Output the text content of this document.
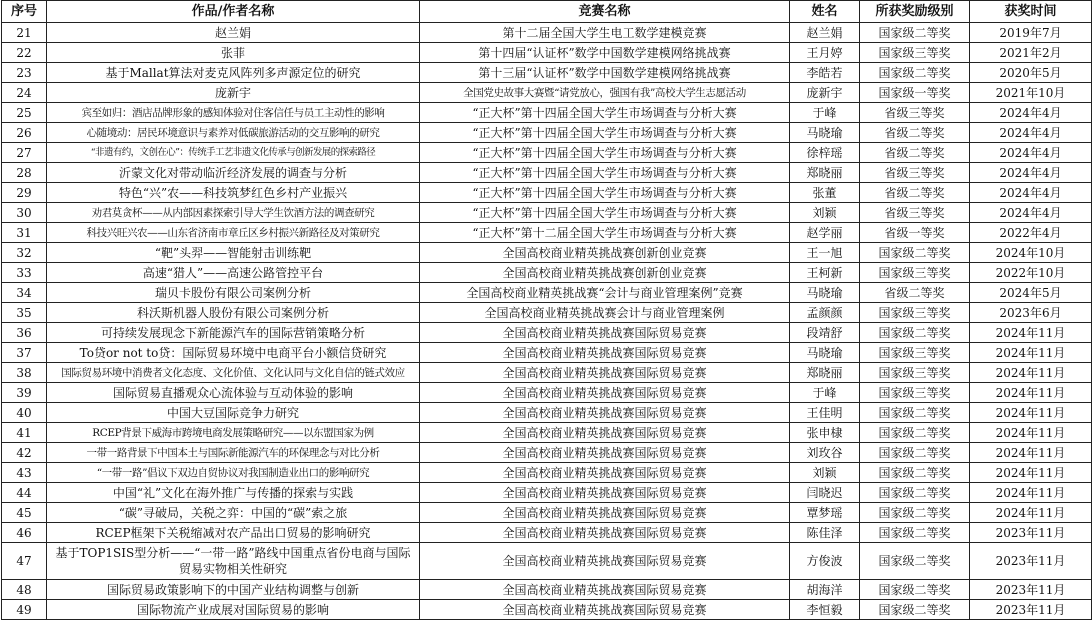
序号	作品/作者名称	竞赛名称	姓名	所获奖励级别	获奖时间
21	赵兰娟	第十二届全国大学生电工数学建模竞赛	赵兰娟	国家级二等奖	2019年7月
22	张菲	第十四届“认证杯”数学中国数学建模网络挑战赛	王月婷	国家级三等奖	2021年2月
23	基于Mallat算法对麦克风阵列多声源定位的研究	第十三届“认证杯”数学中国数学建模网络挑战赛	李皓若	国家级二等奖	2020年5月
24	庞新宇	全国党史故事大赛暨“请党放心，强国有我”高校大学生志愿活动	庞新宇	国家级一等奖	2021年10月
25	宾至如归：酒店品牌形象的感知体验对住客信任与员工主动性的影响	“正大杯”第十四届全国大学生市场调查与分析大赛	于峰	省级三等奖	2024年4月
26	心随境动：居民环境意识与素养对低碳旅游活动的交互影响的研究	“正大杯”第十四届全国大学生市场调查与分析大赛	马晓瑜	省级二等奖	2024年4月
27	“非遗有约，文创在心”：传统手工艺非遗文化传承与创新发展的探索路径	“正大杯”第十四届全国大学生市场调查与分析大赛	徐梓瑶	省级二等奖	2024年4月
28	沂蒙文化对带动临沂经济发展的调查与分析	“正大杯”第十四届全国大学生市场调查与分析大赛	郑晓丽	省级三等奖	2024年4月
29	特色“兴”农——科技筑梦红色乡村产业振兴	“正大杯”第十四届全国大学生市场调查与分析大赛	张董	省级二等奖	2024年4月
30	劝君莫贪杯——从内部因素探索引导大学生饮酒方法的调查研究	“正大杯”第十四届全国大学生市场调查与分析大赛	刘颖	省级三等奖	2024年4月
31	科技兴旺兴农——山东省济南市章丘区乡村振兴新路径及对策研究	“正大杯”第十二届全国大学生市场调查与分析大赛	赵学丽	省级一等奖	2022年4月
32	“靶”头羿——智能射击训练靶	全国高校商业精英挑战赛创新创业竞赛	王一旭	国家级二等奖	2024年10月
33	高速“猎人”——高速公路管控平台	全国高校商业精英挑战赛创新创业竞赛	王柯新	国家级三等奖	2022年10月
34	瑞贝卡股份有限公司案例分析	全国高校商业精英挑战赛“会计与商业管理案例”竞赛	马晓瑜	省级二等奖	2024年5月
35	科沃斯机器人股份有限公司案例分析	全国高校商业精英挑战赛会计与商业管理案例	孟颜颜	国家级三等奖	2023年6月
36	可持续发展现念下新能源汽车的国际营销策略分析	全国高校商业精英挑战赛国际贸易竞赛	段靖舒	国家级二等奖	2024年11月
37	To贷or not to贷：国际贸易环境中电商平台小额信贷研究	全国高校商业精英挑战赛国际贸易竞赛	马晓瑜	国家级三等奖	2024年11月
38	国际贸易环境中消费者文化态度、文化价值、文化认同与文化自信的链式效应	全国高校商业精英挑战赛国际贸易竞赛	郑晓丽	国家级三等奖	2024年11月
39	国际贸易直播观众心流体验与互动体验的影响	全国高校商业精英挑战赛国际贸易竞赛	于峰	国家级三等奖	2024年11月
40	中国大豆国际竞争力研究	全国高校商业精英挑战赛国际贸易竞赛	王佳明	国家级二等奖	2024年11月
41	RCEP背景下威海市跨境电商发展策略研究——以东盟国家为例	全国高校商业精英挑战赛国际贸易竞赛	张申棣	国家级二等奖	2024年11月
42	一带一路背景下中国本土与国际新能源汽车的环保理念与对比分析	全国高校商业精英挑战赛国际贸易竞赛	刘玫谷	国家级二等奖	2024年11月
43	“一带一路”倡议下双边自贸协议对我国制造业出口的影响研究	全国高校商业精英挑战赛国际贸易竞赛	刘颖	国家级二等奖	2024年11月
44	中国“礼”文化在海外推广与传播的探索与实践	全国高校商业精英挑战赛国际贸易竞赛	闫晓迟	国家级二等奖	2024年11月
45	“碳”寻破局，关税之弈：中国的“碳”索之旅	全国高校商业精英挑战赛国际贸易竞赛	覃梦瑶	国家级二等奖	2024年11月
46	RCEP框架下关税缩减对农产品出口贸易的影响研究	全国高校商业精英挑战赛国际贸易竞赛	陈佳泽	国家级二等奖	2023年11月
47	基于TOP1SIS型分析——“一带一路”路线中国重点省份电商与国际贸易实物相关性研究	全国高校商业精英挑战赛国际贸易竞赛	方俊波	国家级二等奖	2023年11月
48	国际贸易政策影响下的中国产业结构调整与创新	全国高校商业精英挑战赛国际贸易竞赛	胡海洋	国家级二等奖	2023年11月
49	国际物流产业成展对国际贸易的影响	全国高校商业精英挑战赛国际贸易竞赛	李恒毅	国家级二等奖	2023年11月
